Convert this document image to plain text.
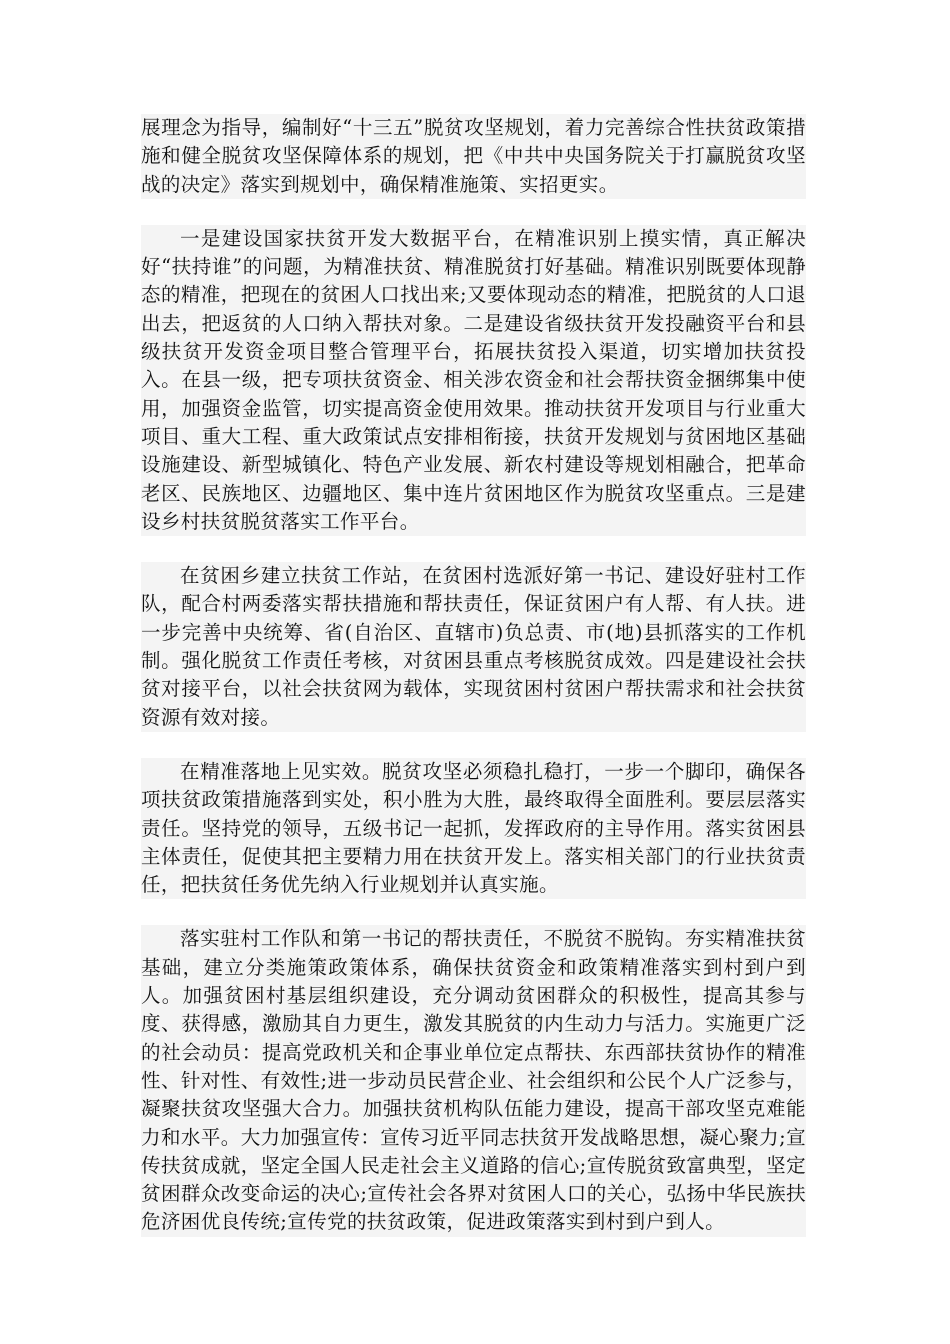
展理念为指导，编制好“十三五”脱贫攻坚规划，着力完善综合性扶贫政策措施和健全脱贫攻坚保障体系的规划，把《中共中央国务院关于打赢脱贫攻坚战的决定》落实到规划中，确保精准施策、实招更实。

一是建设国家扶贫开发大数据平台，在精准识别上摸实情，真正解决好“扶持谁”的问题，为精准扶贫、精准脱贫打好基础。精准识别既要体现静态的精准，把现在的贫困人口找出来;又要体现动态的精准，把脱贫的人口退出去，把返贫的人口纳入帮扶对象。二是建设省级扶贫开发投融资平台和县级扶贫开发资金项目整合管理平台，拓展扶贫投入渠道，切实增加扶贫投入。在县一级，把专项扶贫资金、相关涉农资金和社会帮扶资金捆绑集中使用，加强资金监管，切实提高资金使用效果。推动扶贫开发项目与行业重大项目、重大工程、重大政策试点安排相衔接，扶贫开发规划与贫困地区基础设施建设、新型城镇化、特色产业发展、新农村建设等规划相融合，把革命老区、民族地区、边疆地区、集中连片贫困地区作为脱贫攻坚重点。三是建设乡村扶贫脱贫落实工作平台。

在贫困乡建立扶贫工作站，在贫困村选派好第一书记、建设好驻村工作队，配合村两委落实帮扶措施和帮扶责任，保证贫困户有人帮、有人扶。进一步完善中央统筹、省(自治区、直辖市)负总责、市(地)县抓落实的工作机制。强化脱贫工作责任考核，对贫困县重点考核脱贫成效。四是建设社会扶贫对接平台，以社会扶贫网为载体，实现贫困村贫困户帮扶需求和社会扶贫资源有效对接。

在精准落地上见实效。脱贫攻坚必须稳扎稳打，一步一个脚印，确保各项扶贫政策措施落到实处，积小胜为大胜，最终取得全面胜利。要层层落实责任。坚持党的领导，五级书记一起抓，发挥政府的主导作用。落实贫困县主体责任，促使其把主要精力用在扶贫开发上。落实相关部门的行业扶贫责任，把扶贫任务优先纳入行业规划并认真实施。

落实驻村工作队和第一书记的帮扶责任，不脱贫不脱钩。夯实精准扶贫基础，建立分类施策政策体系，确保扶贫资金和政策精准落实到村到户到人。加强贫困村基层组织建设，充分调动贫困群众的积极性，提高其参与度、获得感，激励其自力更生，激发其脱贫的内生动力与活力。实施更广泛的社会动员：提高党政机关和企事业单位定点帮扶、东西部扶贫协作的精准性、针对性、有效性;进一步动员民营企业、社会组织和公民个人广泛参与，凝聚扶贫攻坚强大合力。加强扶贫机构队伍能力建设，提高干部攻坚克难能力和水平。大力加强宣传：宣传习近平同志扶贫开发战略思想，凝心聚力;宣传扶贫成就，坚定全国人民走社会主义道路的信心;宣传脱贫致富典型，坚定贫困群众改变命运的决心;宣传社会各界对贫困人口的关心，弘扬中华民族扶危济困优良传统;宣传党的扶贫政策，促进政策落实到村到户到人。
